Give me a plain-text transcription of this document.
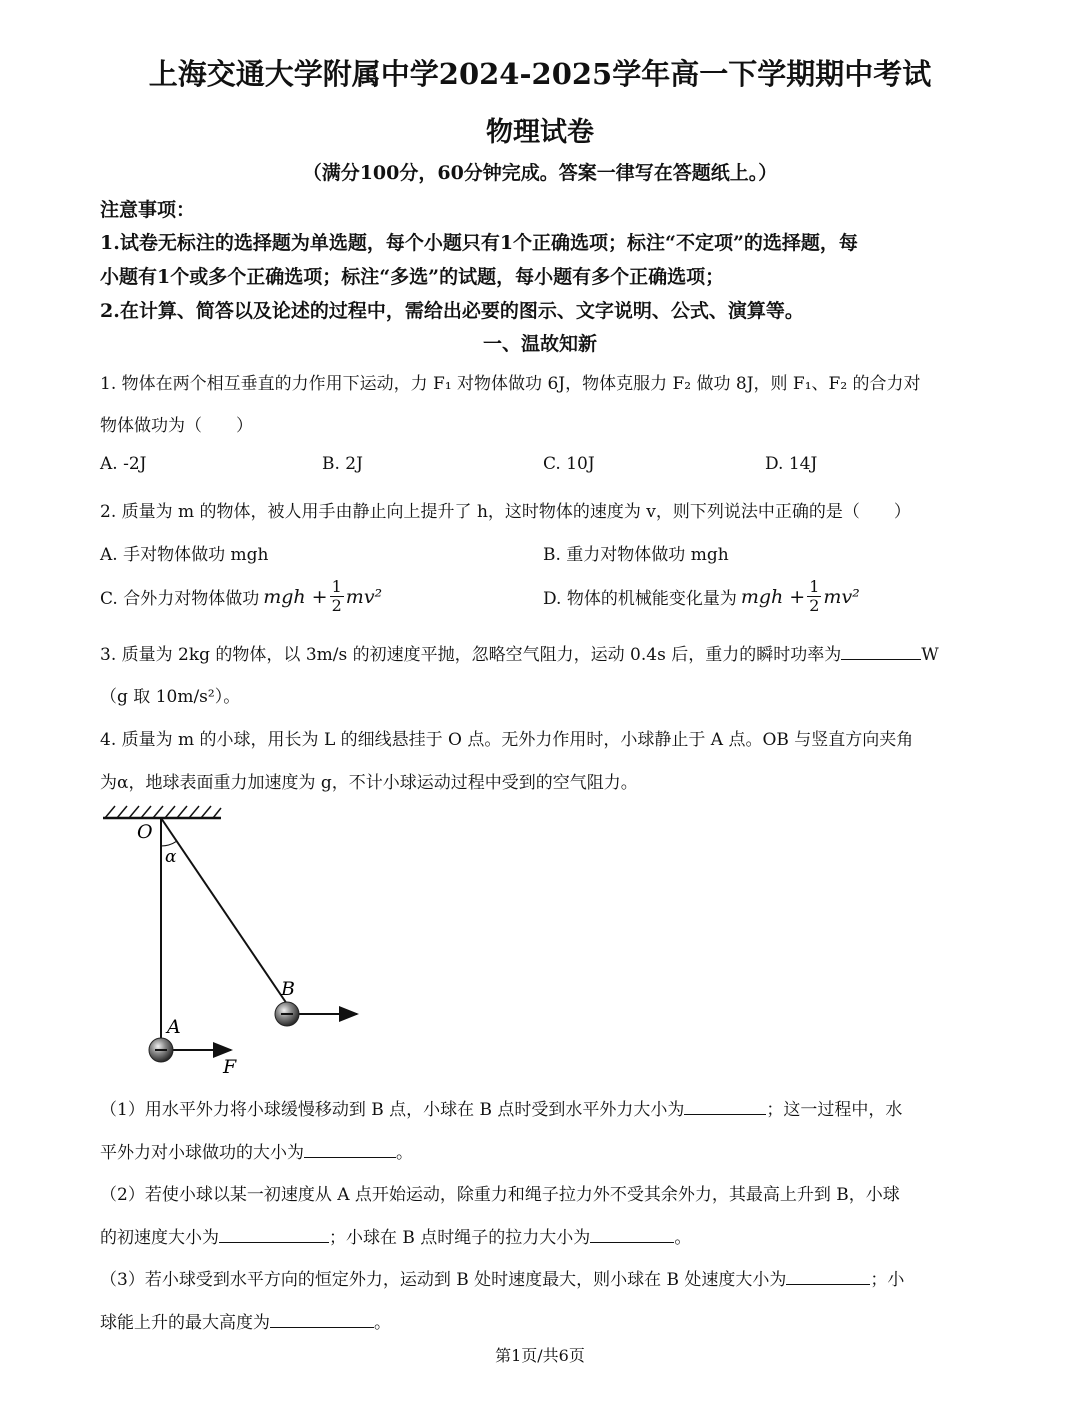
上海交通大学附属中学2024-2025学年高一下学期期中考试
物理试卷
（满分100分，60分钟完成。答案一律写在答题纸上。）
注意事项：
1.试卷无标注的选择题为单选题，每个小题只有1个正确选项；标注“不定项”的选择题，每
小题有1个或多个正确选项；标注“多选”的试题，每小题有多个正确选项；
2.在计算、简答以及论述的过程中，需给出必要的图示、文字说明、公式、演算等。
一、温故知新
1. 物体在两个相互垂直的力作用下运动，力 F₁ 对物体做功 6J，物体克服力 F₂ 做功 8J，则 F₁、F₂ 的合力对
物体做功为（　　）
A. -2J	B. 2J	C. 10J	D. 14J
2. 质量为 m 的物体，被人用手由静止向上提升了 h，这时物体的速度为 v，则下列说法中正确的是（　　）
A. 手对物体做功 mgh	B. 重力对物体做功 mgh
C. 合外力对物体做功 mgh + $\frac{1}{2} mv^2$	D. 物体的机械能变化量为 mgh + $\frac{1}{2} mv^2$
3. 质量为 2kg 的物体，以 3m/s 的初速度平抛，忽略空气阻力，运动 0.4s 后，重力的瞬时功率为	W
（g 取 10m/s²）。
4. 质量为 m 的小球，用长为 L 的细线悬挂于 O 点。无外力作用时，小球静止于 A 点。OB 与竖直方向夹角
为α，地球表面重力加速度为 g，不计小球运动过程中受到的空气阻力。
O
α
B
A
F
（1）用水平外力将小球缓慢移动到 B 点，小球在 B 点时受到水平外力大小为	；这一过程中，水
平外力对小球做功的大小为	。
（2）若使小球以某一初速度从 A 点开始运动，除重力和绳子拉力外不受其余外力，其最高上升到 B，小球
的初速度大小为	；小球在 B 点时绳子的拉力大小为	。
（3）若小球受到水平方向的恒定外力，运动到 B 处时速度最大，则小球在 B 处速度大小为	；小
球能上升的最大高度为	。
第1页/共6页
